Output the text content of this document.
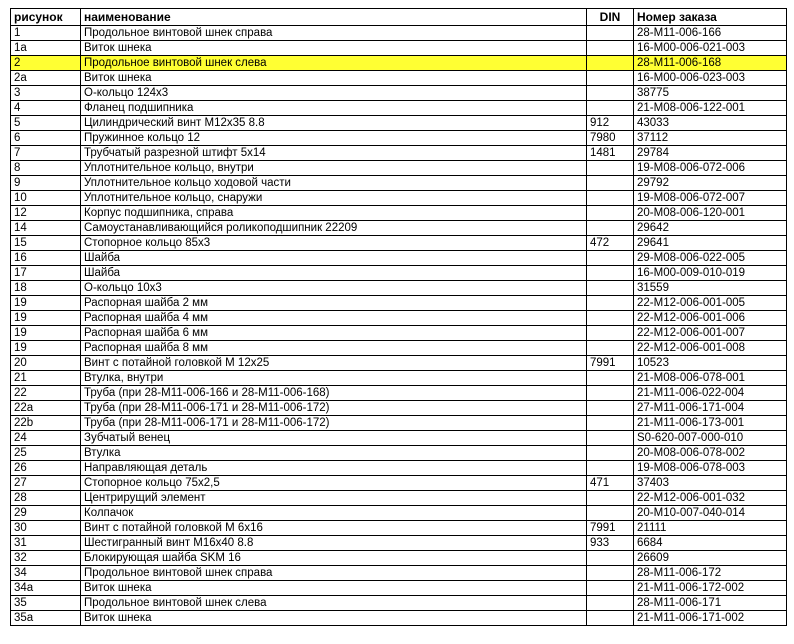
рисунок	наименование	DIN	Номер заказа
1	Продольное винтовой шнек справа		28-M11-006-166
1a	Виток шнека		16-M00-006-021-003
2	Продольное винтовой шнек слева		28-M11-006-168
2a	Виток шнека		16-M00-006-023-003
3	О-кольцо 124x3		38775
4	Фланец подшипника		21-M08-006-122-001
5	Цилиндрический винт M12x35 8.8	912	43033
6	Пружинное кольцо 12	7980	37112
7	Трубчатый разрезной штифт 5x14	1481	29784
8	Уплотнительное кольцо, внутри		19-M08-006-072-006
9	Уплотнительное кольцо ходовой части		29792
10	Уплотнительное кольцо, снаружи		19-M08-006-072-007
12	Корпус подшипника, справа		20-M08-006-120-001
14	Самоустанавливающийся роликоподшипник 22209		29642
15	Стопорное кольцо 85x3	472	29641
16	Шайба		29-M08-006-022-005
17	Шайба		16-M00-009-010-019
18	О-кольцо 10x3		31559
19	Распорная шайба 2 мм		22-M12-006-001-005
19	Распорная шайба 4 мм		22-M12-006-001-006
19	Распорная шайба 6 мм		22-M12-006-001-007
19	Распорная шайба 8 мм		22-M12-006-001-008
20	Винт с потайной головкой M 12x25	7991	10523
21	Втулка, внутри		21-M08-006-078-001
22	Труба (при 28-M11-006-166 и 28-M11-006-168)		21-M11-006-022-004
22a	Труба (при 28-M11-006-171 и 28-M11-006-172)		27-M11-006-171-004
22b	Труба (при 28-M11-006-171 и 28-M11-006-172)		21-M11-006-173-001
24	Зубчатый венец		S0-620-007-000-010
25	Втулка		20-M08-006-078-002
26	Направляющая деталь		19-M08-006-078-003
27	Стопорное кольцо 75x2,5	471	37403
28	Центрирущий элемент		22-M12-006-001-032
29	Колпачок		20-M10-007-040-014
30	Винт с потайной головкой M 6x16	7991	21111
31	Шестигранный винт M16x40 8.8	933	6684
32	Блокирующая шайба SKM 16		26609
34	Продольное винтовой шнек справа		28-M11-006-172
34a	Виток шнека		21-M11-006-172-002
35	Продольное винтовой шнек слева		28-M11-006-171
35a	Виток шнека		21-M11-006-171-002
